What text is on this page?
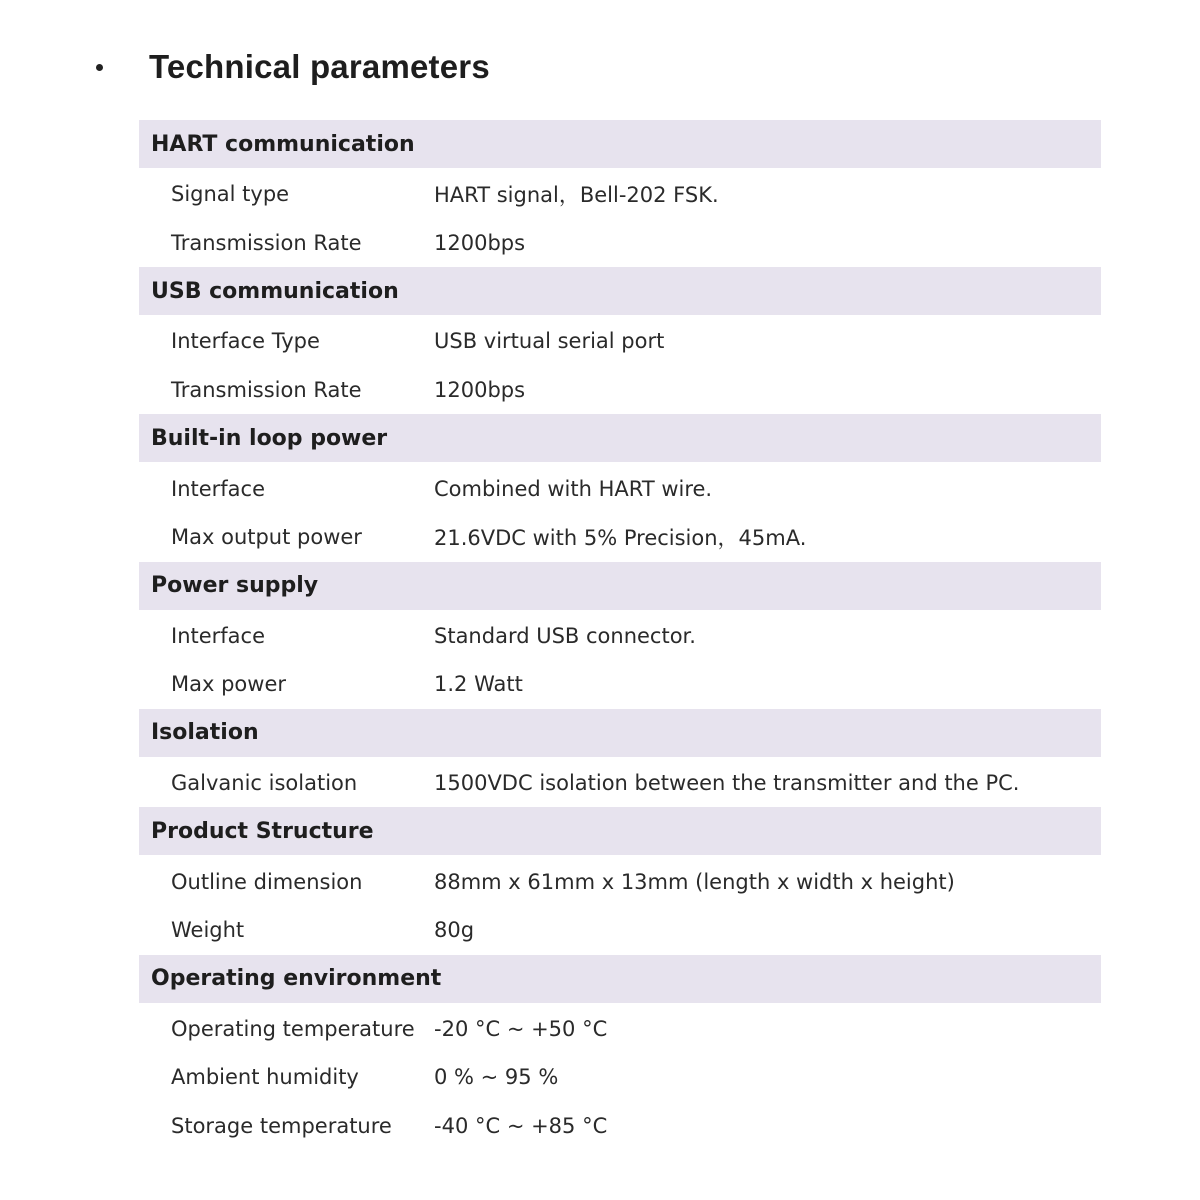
Technical parameters
HART communication
Signal type	HART signal，Bell-202 FSK.
Transmission Rate	1200bps
USB communication
Interface Type	USB virtual serial port
Transmission Rate	1200bps
Built-in loop power
Interface	Combined with HART wire.
Max output power	21.6VDC with 5% Precision，45mA.
Power supply
Interface	Standard USB connector.
Max power	1.2 Watt
Isolation
Galvanic isolation	1500VDC isolation between the transmitter and the PC.
Product Structure
Outline dimension	88mm x 61mm x 13mm (length x width x height)
Weight	80g
Operating environment
Operating temperature -20 °C ~ +50 °C
Ambient humidity	0 % ~ 95 %
Storage temperature	-40 °C ~ +85 °C
